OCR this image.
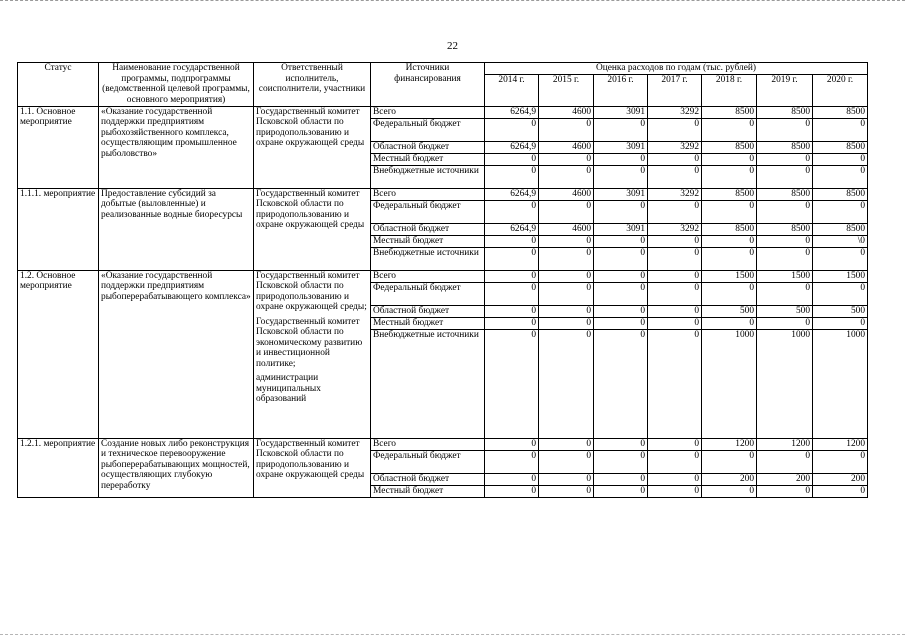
22
Статус	Наименование государственной программы, подпрограммы (ведомственной целевой программы, основного мероприятия)	Ответственный исполнитель, соисполнители, участники	Источники финансирования	Оценка расходов по годам (тыс. рублей)						
				2014 г.	2015 г.	2016 г.	2017 г.	2018 г.	2019 г.	2020 г.
1.1. Основное мероприятие	«Оказание государственной поддержки предприятиям рыбохозяйственного комплекса, осуществляющим промышленное рыболовство»	Государственный комитет Псковской области по природопользованию и охране окружающей среды	Всего	6264,9	4600	3091	3292	8500	8500	8500
			Федеральный бюджет	0	0	0	0	0	0	0
			Областной бюджет	6264,9	4600	3091	3292	8500	8500	8500
			Местный бюджет	0	0	0	0	0	0	0
			Внебюджетные источники	0	0	0	0	0	0	0
1.1.1. мероприятие	Предоставление субсидий за добытые (выловленные) и реализованные водные биоресурсы	Государственный комитет Псковской области по природопользованию и охране окружающей среды	Всего	6264,9	4600	3091	3292	8500	8500	8500
			Федеральный бюджет	0	0	0	0	0	0	0
			Областной бюджет	6264,9	4600	3091	3292	8500	8500	8500
			Местный бюджет	0	0	0	0	0	0	\0
			Внебюджетные источники	0	0	0	0	0	0	0
1.2. Основное мероприятие	«Оказание государственной поддержки предприятиям рыбоперерабатывающего комплекса»	Государственный комитет Псковской области по природопользованию и охране окружающей среды;
Государственный комитет Псковской области по экономическому развитию и инвестиционной политике;
администрации муниципальных образований	Всего	0	0	0	0	1500	1500	1500
			Федеральный бюджет	0	0	0	0	0	0	0
			Областной бюджет	0	0	0	0	500	500	500
			Местный бюджет	0	0	0	0	0	0	0
			Внебюджетные источники	0	0	0	0	1000	1000	1000
1.2.1. мероприятие	Создание новых либо реконструкция и техническое перевооружение рыбоперерабатывающих мощностей, осуществляющих глубокую переработку	Государственный комитет Псковской области по природопользованию и охране окружающей среды	Всего	0	0	0	0	1200	1200	1200
			Федеральный бюджет	0	0	0	0	0	0	0
			Областной бюджет	0	0	0	0	200	200	200
			Местный бюджет	0	0	0	0	0	0	0
